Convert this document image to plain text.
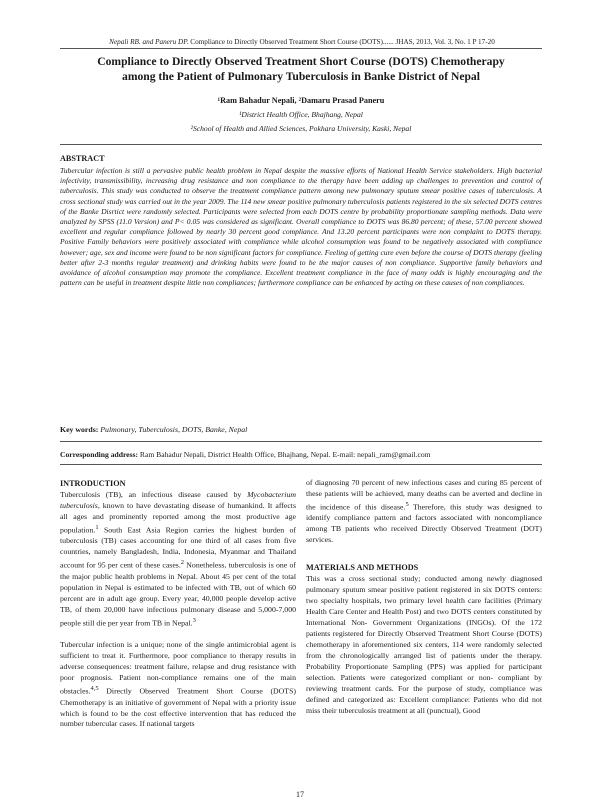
Nepali RB. and Paneru DP. Compliance to Directly Observed Treatment Short Course (DOTS)...... JHAS, 2013, Vol. 3, No. 1 P 17-20
Compliance to Directly Observed Treatment Short Course (DOTS) Chemotherapy
among the Patient of Pulmonary Tuberculosis in Banke District of Nepal
¹Ram Bahadur Nepali, ²Damaru Prasad Paneru
¹District Health Office, Bhajhang, Nepal
²School of Health and Allied Sciences, Pokhara University, Kaski, Nepal
ABSTRACT
Tubercular infection is still a pervasive public health problem in Nepal despite the massive efforts of National Health Service stakeholders. High bacterial infectivity, transmissibility, increasing drug resistance and non compliance to the therapy have been adding up challenges to prevention and control of tuberculosis. This study was conducted to observe the treatment compliance pattern among new pulmonary sputum smear positive cases of tuberculosis. A cross sectional study was carried out in the year 2009. The 114 new smear positive pulmonary tuberculosis patients registered in the six selected DOTS centres of the Banke Disrtict were randomly selected. Participants were selected from each DOTS centre by probability proportionate sampling methods. Data were analyzed by SPSS (11.0 Version) and P< 0.05 was considered as significant. Overall compliance to DOTS was 86.80 percent; of these, 57.00 percent showed excellent and regular compliance followed by nearly 30 percent good compliance. And 13.20 percent participants were non complaint to DOTS therapy. Positive Family behaviors were positively associated with compliance while alcohol consumption was found to be negatively associated with compliance however; age, sex and income were found to be non significant factors for compliance. Feeling of getting cure even before the course of DOTS therapy (feeling better after 2-3 months regular treatment) and drinking habits were found to be the major causes of non compliance. Supportive family behaviors and avoidance of alcohol consumption may promote the compliance. Excellent treatment compliance in the face of many odds is highly encouraging and the pattern can be useful in treatment despite little non compliances; furthermore compliance can be enhanced by acting on these causes of non compliances.
Key words: Pulmonary, Tuberculosis, DOTS, Banke, Nepal
Corresponding address: Ram Bahadur Nepali, District Health Office, Bhajhang, Nepal. E-mail: nepali_ram@gmail.com
INTRODUCTION

Tuberculosis (TB), an infectious disease caused by Mycobacterium tuberculosis, known to have devastating disease of humankind. It affects all ages and prominently reported among the most productive age population.$^1$ South East Asia Region carries the highest burden of tuberculosis (TB) cases accounting for one third of all cases from five countries, namely Bangladesh, India, Indonesia, Myanmar and Thailand account for 95 per cent of these cases.$^2$ Nonetheless, tuberculosis is one of the major public health problems in Nepal. About 45 per cent of the total population in Nepal is estimated to be infected with TB, out of which 60 percent are in adult age group. Every year, 40,000 people develop active TB, of them 20,000 have infectious pulmonary disease and 5,000-7,000 people still die per year from TB in Nepal.$^3$

Tubercular infection is a unique; none of the single antimicrobial agent is sufficient to treat it. Furthermore, poor compliance to therapy results in adverse consequences: treatment failure, relapse and drug resistance with poor prognosis. Patient non-compliance remains one of the main obstacles.$^{4,5}$ Directly Observed Treatment Short Course (DOTS) Chemotherapy is an initiative of government of Nepal with a priority issue which is found to be the cost effective intervention that has reduced the number tubercular cases. If national targets

of diagnosing 70 percent of new infectious cases and curing 85 percent of these patients will be achieved, many deaths can be averted and decline in the incidence of this disease.$^5$ Therefore, this study was designed to identify compliance pattern and factors associated with noncompliance among TB patients who received Directly Observed Treatment (DOT) services.

MATERIALS AND METHODS

This was a cross sectional study; conducted among newly diagnosed pulmonary sputum smear positive patient registered in six DOTS centers: two specialty hospitals, two primary level health care facilities (Primary Health Care Center and Health Post) and two DOTS centers constituted by International Non- Government Organizations (INGOs). Of the 172 patients registered for Directly Observed Treatment Short Course (DOTS) chemotherapy in aforementioned six centers, 114 were randomly selected from the chronologically arranged list of patients under the therapy. Probability Proportionate Sampling (PPS) was applied for participant selection. Patients were categorized compliant or non- compliant by reviewing treatment cards. For the purpose of study, compliance was defined and categorized as: Excellent compliance: Patients who did not miss their tuberculosis treatment at all (punctual), Good

17
